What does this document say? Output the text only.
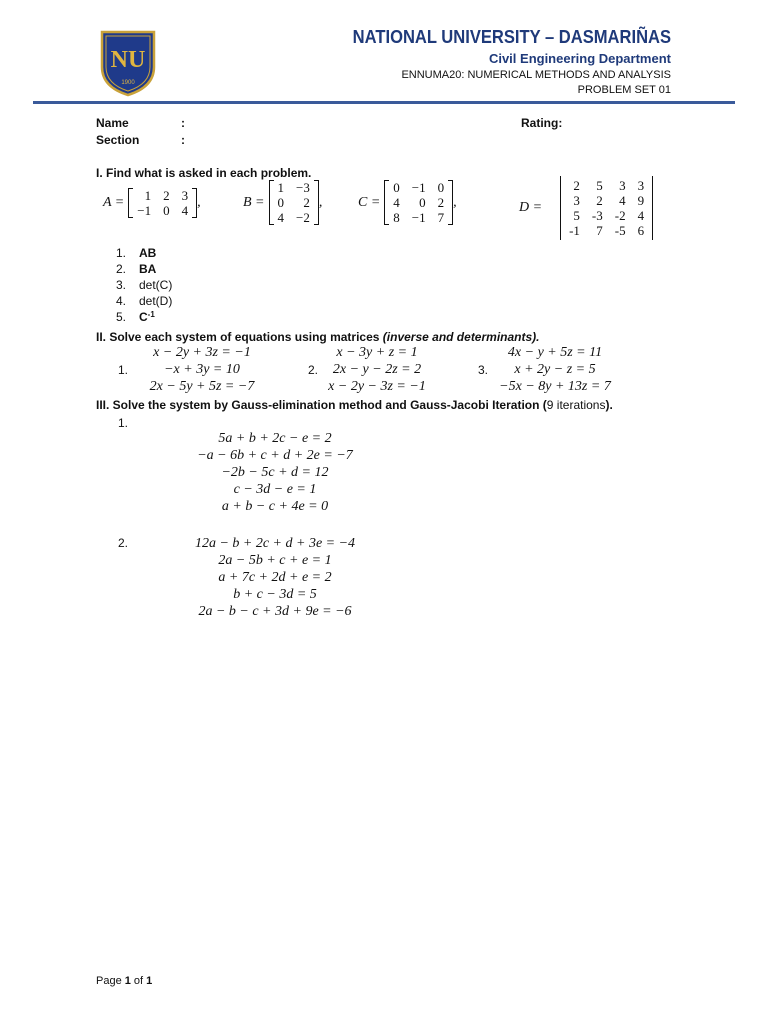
NU
1900
NATIONAL UNIVERSITY – DASMARIÑAS
Civil Engineering Department
ENNUMA20: NUMERICAL METHODS AND ANALYSIS
PROBLEM SET 01
Name	:
Section	:
Rating:
I. Find what is asked in each problem.
A = 1	2	3
−1	0	4
,	B =
1	−3
0	2
4	−2
,	C =
0	−1	0
4	0	2
8	−1	7
,	D =
2	5	3	3
3	2	4	9
5	-3	-2	4
-1	7	-5	6
1.	AB
2.	BA
3.	det(C)
4.	det(D)
5.	C -1
II. Solve each system of equations using matrices (inverse and determinants).
1.
x − 2y + 3z = −1
−x + 3y = 10
2x − 5y + 5z = −7
2.
x − 3y + z = 1
2x − y − 2z = 2
x − 2y − 3z = −1
3.
4x − y + 5z = 11
x + 2y − z = 5
−5x − 8y + 13z = 7
III. Solve the system by Gauss-elimination method and Gauss-Jacobi Iteration (9 iterations).
1.
5a + b + 2c − e = 2
−a − 6b + c + d + 2e = −7
−2b − 5c + d = 12
c − 3d − e = 1
a + b − c + 4e = 0
2.	12a − b + 2c + d + 3e = −4
2a − 5b + c + e = 1
a + 7c + 2d + e = 2
b + c − 3d = 5
2a − b − c + 3d + 9e = −6
Page 1 of 1
